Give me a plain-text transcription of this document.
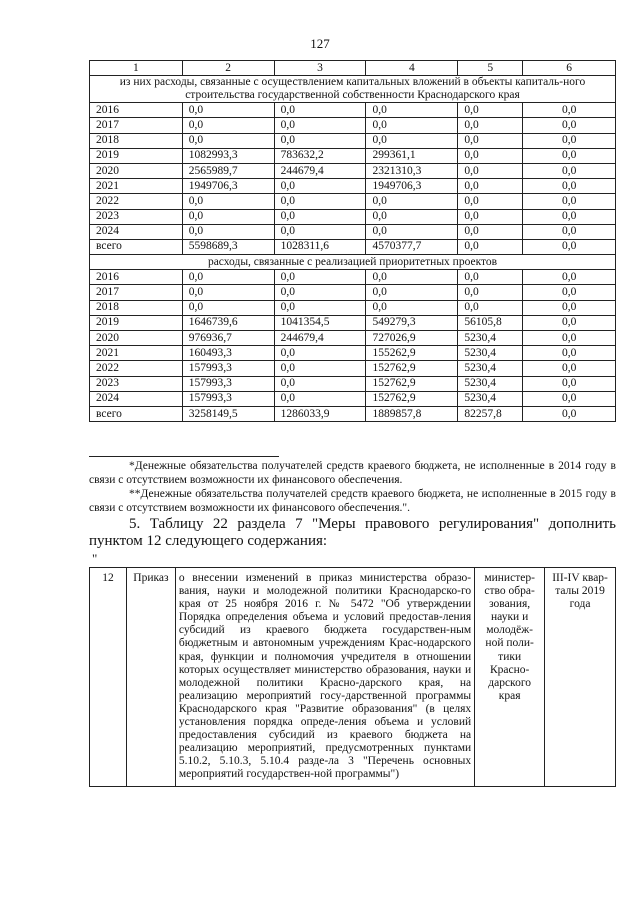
127
1	2	3	4	5	6
из них расходы, связанные с осуществлением капитальных вложений в объекты капиталь-ного строительства государственной собственности Краснодарского края					
2016	0,0	0,0	0,0	0,0	0,0
2017	0,0	0,0	0,0	0,0	0,0
2018	0,0	0,0	0,0	0,0	0,0
2019	1082993,3	783632,2	299361,1	0,0	0,0
2020	2565989,7	244679,4	2321310,3	0,0	0,0
2021	1949706,3	0,0	1949706,3	0,0	0,0
2022	0,0	0,0	0,0	0,0	0,0
2023	0,0	0,0	0,0	0,0	0,0
2024	0,0	0,0	0,0	0,0	0,0
всего	5598689,3	1028311,6	4570377,7	0,0	0,0
расходы, связанные с реализацией приоритетных проектов					
2016	0,0	0,0	0,0	0,0	0,0
2017	0,0	0,0	0,0	0,0	0,0
2018	0,0	0,0	0,0	0,0	0,0
2019	1646739,6	1041354,5	549279,3	56105,8	0,0
2020	976936,7	244679,4	727026,9	5230,4	0,0
2021	160493,3	0,0	155262,9	5230,4	0,0
2022	157993,3	0,0	152762,9	5230,4	0,0
2023	157993,3	0,0	152762,9	5230,4	0,0
2024	157993,3	0,0	152762,9	5230,4	0,0
всего	3258149,5	1286033,9	1889857,8	82257,8	0,0
*Денежные обязательства получателей средств краевого бюджета, не исполненные в 2014 году в связи с отсутствием возможности их финансового обеспечения.
**Денежные обязательства получателей средств краевого бюджета, не исполненные в 2015 году в связи с отсутствием возможности их финансового обеспечения.".
5. Таблицу 22 раздела 7 "Меры правового регулирования" дополнить пунктом 12 следующего содержания:
"
12	Приказ	о внесении изменений в приказ министерства образо-вания, науки и молодежной политики Краснодарско-го края от 25 ноября 2016 г. № 5472 "Об утверждении Порядка определения объема и условий предостав-ления субсидий из краевого бюджета государствен-ным бюджетным и автономным учреждениям Крас-нодарского края, функции и полномочия учредителя в отношении которых осуществляет министерство образования, науки и молодежной политики Красно-дарского края, на реализацию мероприятий госу-дарственной программы Краснодарского края "Развитие образования" (в целях установления порядка опреде-ления объема и условий предоставления субсидий из краевого бюджета на реализацию мероприятий, предусмотренных пунктами 5.10.2, 5.10.3, 5.10.4 разде-ла 3 "Перечень основных мероприятий государствен-ной программы")	министер-ство обра-зования, науки и молодёж-ной поли-тики Красно-дарского края	III-IV квар-талы 2019 года
